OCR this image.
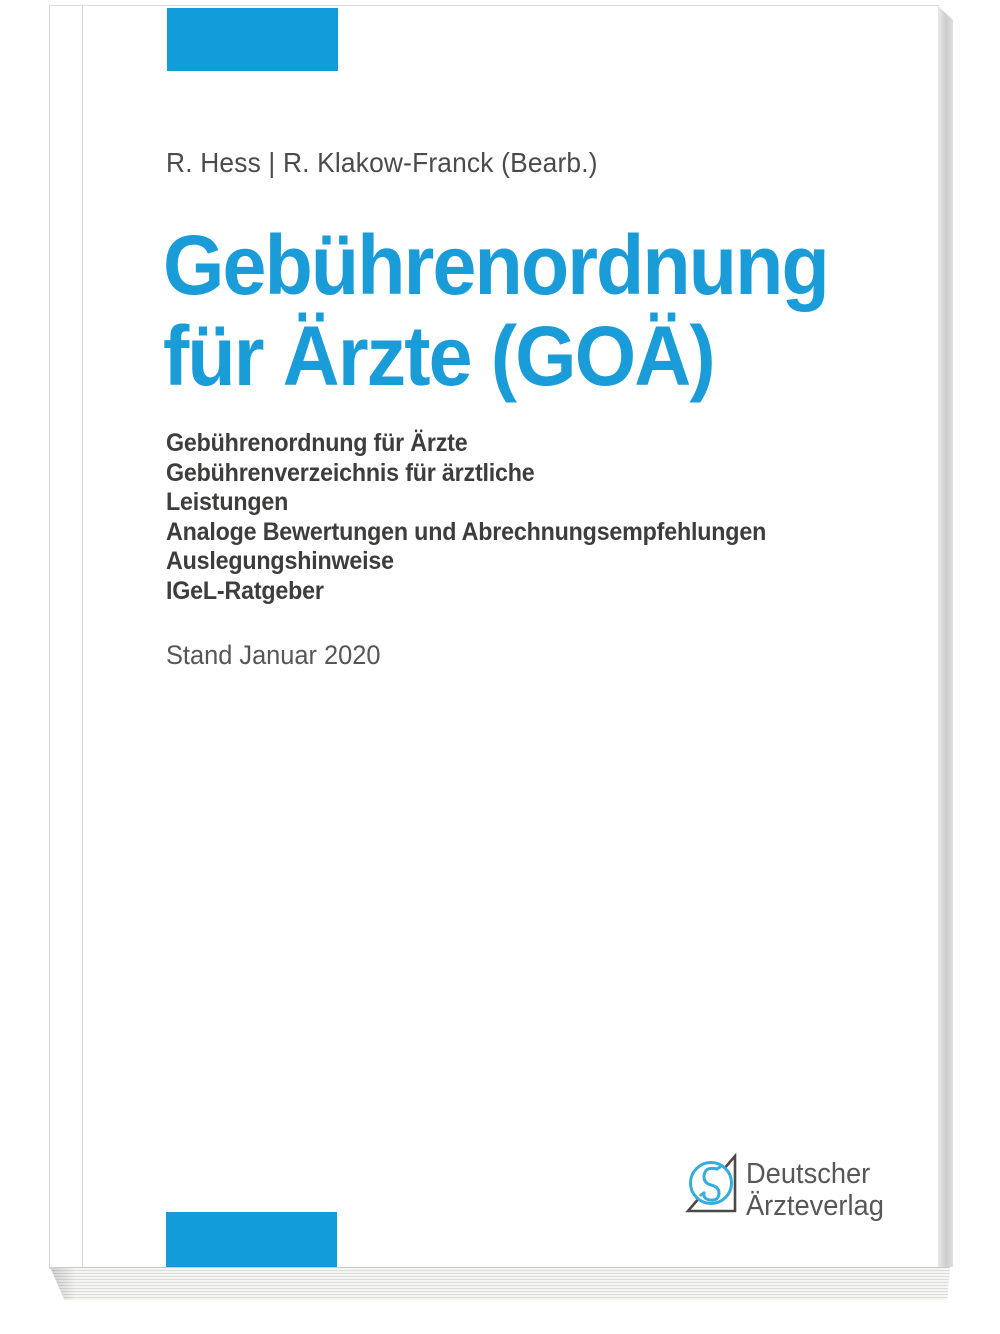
R. Hess | R. Klakow-Franck (Bearb.)
Gebührenordnung
für Ärzte (GOÄ)
Gebührenordnung für Ärzte
Gebührenverzeichnis für ärztliche
Leistungen
Analoge Bewertungen und Abrechnungsempfehlungen
Auslegungshinweise
IGeL-Ratgeber
Stand Januar 2020
Deutscher
Ärzteverlag
